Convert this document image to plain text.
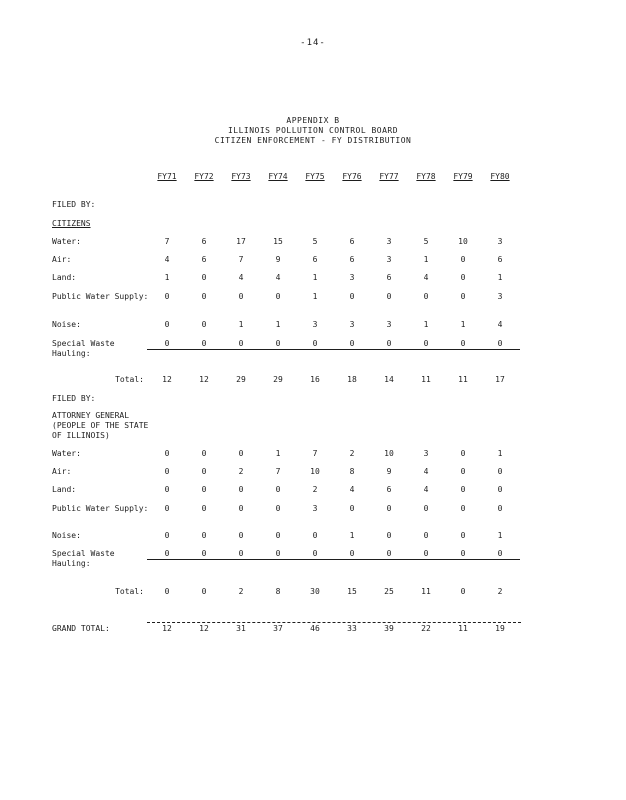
-14-
APPENDIX B
ILLINOIS POLLUTION CONTROL BOARD
CITIZEN ENFORCEMENT - FY DISTRIBUTION
FY71	FY72	FY73	FY74	FY75	FY76	FY77	FY78	FY79	FY80
FILED BY:
CITIZENS
Water:	7	6	17	15	5	6	3	5	10	3
Air:	4	6	7	9	6	6	3	1	0	6
Land:	1	0	4	4	1	3	6	4	0	1
Public Water Supply:	0	0	0	0	1	0	0	0	0	3
Noise:	0	0	1	1	3	3	3	1	1	4
Special Waste Hauling:
0	0	0	0	0	0	0	0	0	0
Total:	12	12	29	29	16	18	14	11	11	17
FILED BY:
ATTORNEY GENERAL (PEOPLE OF THE STATE OF ILLINOIS)
Water:	0	0	0	1	7	2	10	3	0	1
Air:	0	0	2	7	10	8	9	4	0	0
Land:	0	0	0	0	2	4	6	4	0	0
Public Water Supply:	0	0	0	0	3	0	0	0	0	0
Noise:	0	0	0	0	0	1	0	0	0	1
Special Waste Hauling:
0	0	0	0	0	0	0	0	0	0
Total:	0	0	2	8	30	15	25	11	0	2
GRAND TOTAL:	12	12	31	37	46	33	39	22	11	19
